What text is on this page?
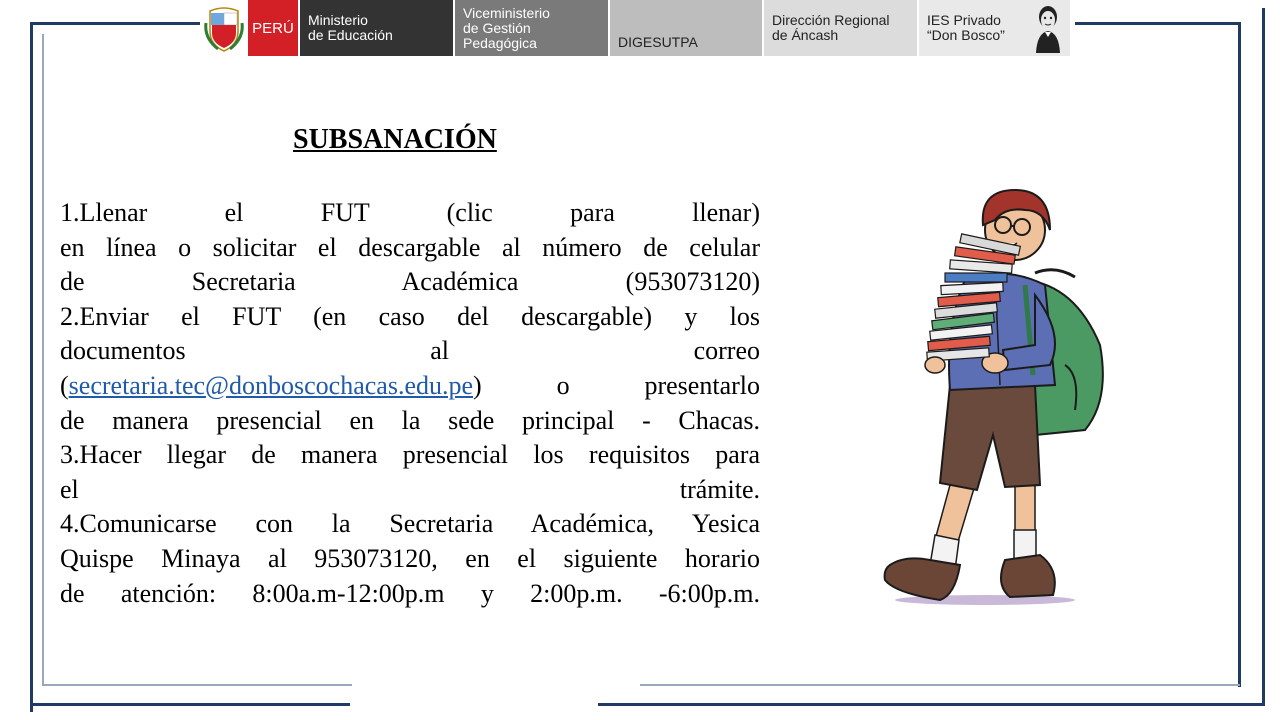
PERÚ Ministerio
de Educación
Viceministerio
de Gestión Pedagógica	DIGESUTPA
Dirección Regional
de Áncash
IES Privado
“Don Bosco”
SUBSANACIÓN
1.Llenar el FUT (clic para llenar)
en línea o solicitar el descargable al número de celular
de Secretaria Académica (953073120)
2.Enviar el FUT (en caso del descargable) y los
documentos al correo
(secretaria.tec@donboscochacas.edu.pe) o presentarlo
de manera presencial en la sede principal - Chacas.
3.Hacer llegar de manera presencial los requisitos para
el trámite.
4.Comunicarse con la Secretaria Académica, Yesica
Quispe Minaya al 953073120, en el siguiente horario
de atención: 8:00a.m-12:00p.m y 2:00p.m. -6:00p.m.
